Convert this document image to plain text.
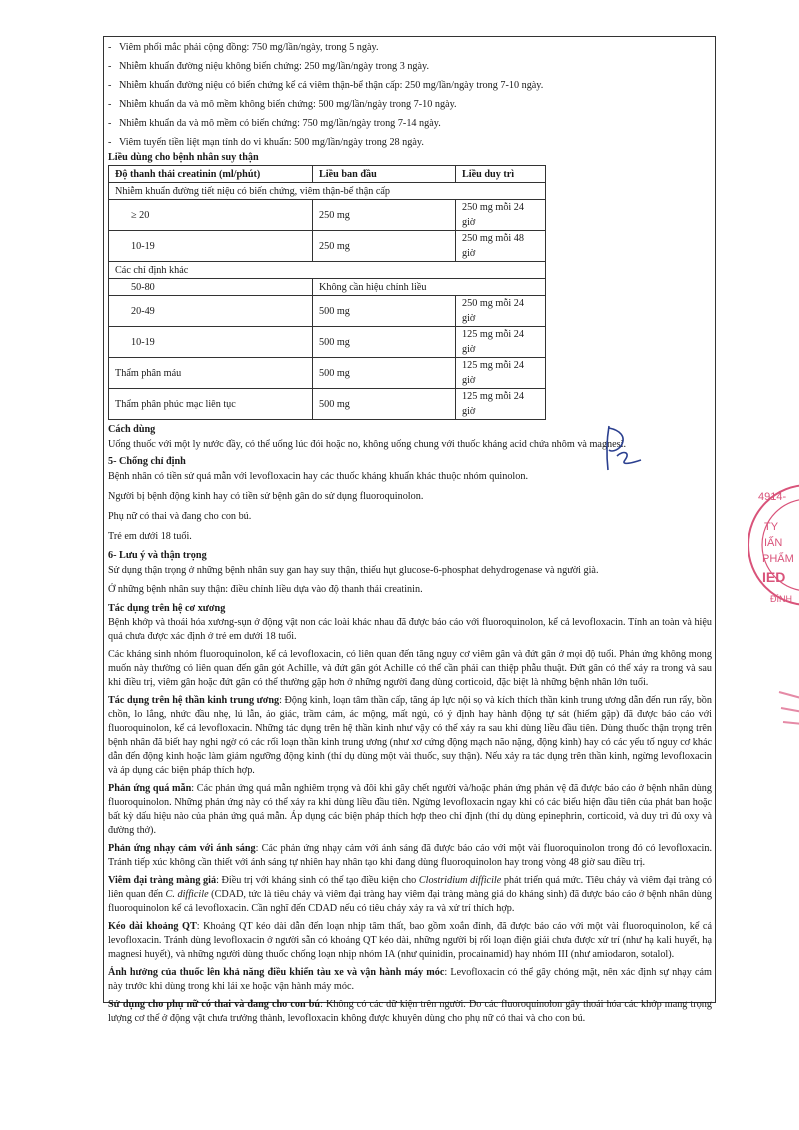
- Viêm phổi mắc phải cộng đồng: 750 mg/lần/ngày, trong 5 ngày.
- Nhiễm khuẩn đường niệu không biến chứng: 250 mg/lần/ngày trong 3 ngày.
- Nhiễm khuẩn đường niệu có biến chứng kể cả viêm thận-bể thận cấp: 250 mg/lần/ngày trong 7-10 ngày.
- Nhiễm khuẩn da và mô mềm không biến chứng: 500 mg/lần/ngày trong 7-10 ngày.
- Nhiễm khuẩn da và mô mềm có biến chứng: 750 mg/lần/ngày trong 7-14 ngày.
- Viêm tuyến tiền liệt mạn tính do vi khuẩn: 500 mg/lần/ngày trong 28 ngày.
Liều dùng cho bệnh nhân suy thận
Độ thanh thải creatinin (ml/phút)	Liều ban đầu	Liều duy trì
Nhiễm khuẩn đường tiết niệu có biến chứng, viêm thận-bể thận cấp		
≥ 20	250 mg	250 mg mỗi 24 giờ
10-19	250 mg	250 mg mỗi 48 giờ
Các chỉ định khác		
50-80	Không cần hiệu chỉnh liều	
20-49	500 mg	250 mg mỗi 24 giờ
10-19	500 mg	125 mg mỗi 24 giờ
Thẩm phân máu	500 mg	125 mg mỗi 24 giờ
Thẩm phân phúc mạc liên tục	500 mg	125 mg mỗi 24 giờ
Cách dùng
Uống thuốc với một ly nước đầy, có thể uống lúc đói hoặc no, không uống chung với thuốc kháng acid chứa nhôm và magnesi.
5- Chống chỉ định
Bệnh nhân có tiền sử quá mẫn với levofloxacin hay các thuốc kháng khuẩn khác thuộc nhóm quinolon.
Người bị bệnh động kinh hay có tiền sử bệnh gân do sử dụng fluoroquinolon.
Phụ nữ có thai và đang cho con bú.
Trẻ em dưới 18 tuổi.
6- Lưu ý và thận trọng
Sử dụng thận trọng ở những bệnh nhân suy gan hay suy thận, thiếu hụt glucose-6-phosphat dehydrogenase và người già.
Ở những bệnh nhân suy thận: điều chỉnh liều dựa vào độ thanh thải creatinin.
Tác dụng trên hệ cơ xương
Bệnh khớp và thoái hóa xương-sụn ở động vật non các loài khác nhau đã được báo cáo với fluoroquinolon, kể cả levofloxacin. Tính an toàn và hiệu quả chưa được xác định ở trẻ em dưới 18 tuổi.
Các kháng sinh nhóm fluoroquinolon, kể cả levofloxacin, có liên quan đến tăng nguy cơ viêm gân và đứt gân ở mọi độ tuổi. Phản ứng không mong muốn này thường có liên quan đến gân gót Achille, và đứt gân gót Achille có thể cần phải can thiệp phẫu thuật. Đứt gân có thể xảy ra trong và sau khi điều trị, viêm gân hoặc đứt gân có thể thường gặp hơn ở những người đang dùng corticoid, đặc biệt là những bệnh nhân lớn tuổi.
Tác dụng trên hệ thần kinh trung ương: Động kinh, loạn tâm thần cấp, tăng áp lực nội sọ và kích thích thần kinh trung ương dẫn đến run rẩy, bồn chồn, lo lắng, nhức đầu nhẹ, lú lẫn, ảo giác, trầm cảm, ác mộng, mất ngủ, có ý định hay hành động tự sát (hiếm gặp) đã được báo cáo với fluoroquinolon, kể cả levofloxacin. Những tác dụng trên hệ thần kinh như vậy có thể xảy ra sau khi dùng liều đầu tiên. Dùng thuốc thận trọng trên bệnh nhân đã biết hay nghi ngờ có các rối loạn thần kinh trung ương (như xơ cứng động mạch não nặng, động kinh) hay có các yếu tố nguy cơ khác dẫn đến động kinh hoặc làm giảm ngưỡng động kinh (thí dụ dùng một vài thuốc, suy thận). Nếu xảy ra tác dụng trên thần kinh, ngừng levofloxacin và áp dụng các biện pháp thích hợp.
Phản ứng quá mẫn: Các phản ứng quá mẫn nghiêm trọng và đôi khi gây chết người và/hoặc phản ứng phản vệ đã được báo cáo ở bệnh nhân dùng fluoroquinolon. Những phản ứng này có thể xảy ra khi dùng liều đầu tiên. Ngừng levofloxacin ngay khi có các biểu hiện đầu tiên của phát ban hoặc bất kỳ dấu hiệu nào của phản ứng quá mẫn. Áp dụng các biện pháp thích hợp theo chỉ định (thí dụ dùng epinephrin, corticoid, và duy trì đủ oxy và đường thở).
Phản ứng nhạy cảm với ánh sáng: Các phản ứng nhạy cảm với ánh sáng đã được báo cáo với một vài fluoroquinolon trong đó có levofloxacin. Tránh tiếp xúc không cần thiết với ánh sáng tự nhiên hay nhân tạo khi đang dùng fluoroquinolon hay trong vòng 48 giờ sau điều trị.
Viêm đại tràng màng giả: Điều trị với kháng sinh có thể tạo điều kiện cho Clostridium difficile phát triển quá mức. Tiêu chảy và viêm đại tràng có liên quan đến C. difficile (CDAD, tức là tiêu chảy và viêm đại tràng hay viêm đại tràng màng giả do kháng sinh) đã được báo cáo ở bệnh nhân dùng fluoroquinolon kể cả levofloxacin. Cần nghĩ đến CDAD nếu có tiêu chảy xảy ra và xử trí thích hợp.
Kéo dài khoảng QT: Khoảng QT kéo dài dẫn đến loạn nhịp tâm thất, bao gồm xoắn đỉnh, đã được báo cáo với một vài fluoroquinolon, kể cả levofloxacin. Tránh dùng levofloxacin ở người sẵn có khoảng QT kéo dài, những người bị rối loạn điện giải chưa được xử trí (như hạ kali huyết, hạ magnesi huyết), và những người dùng thuốc chống loạn nhịp nhóm IA (như quinidin, procainamid) hay nhóm III (như amiodaron, sotalol).
Ảnh hưởng của thuốc lên khả năng điều khiển tàu xe và vận hành máy móc: Levofloxacin có thể gây chóng mặt, nên xác định sự nhạy cảm này trước khi dùng trong khi lái xe hoặc vận hành máy móc.
Sử dụng cho phụ nữ có thai và đang cho con bú: Không có các dữ kiện trên người. Do các fluoroquinolon gây thoái hóa các khớp mang trọng lượng cơ thể ở động vật chưa trưởng thành, levofloxacin không được khuyên dùng cho phụ nữ có thai và cho con bú.
4914-
TY
IẤN
PHẨM
IED
ĐÌNH
